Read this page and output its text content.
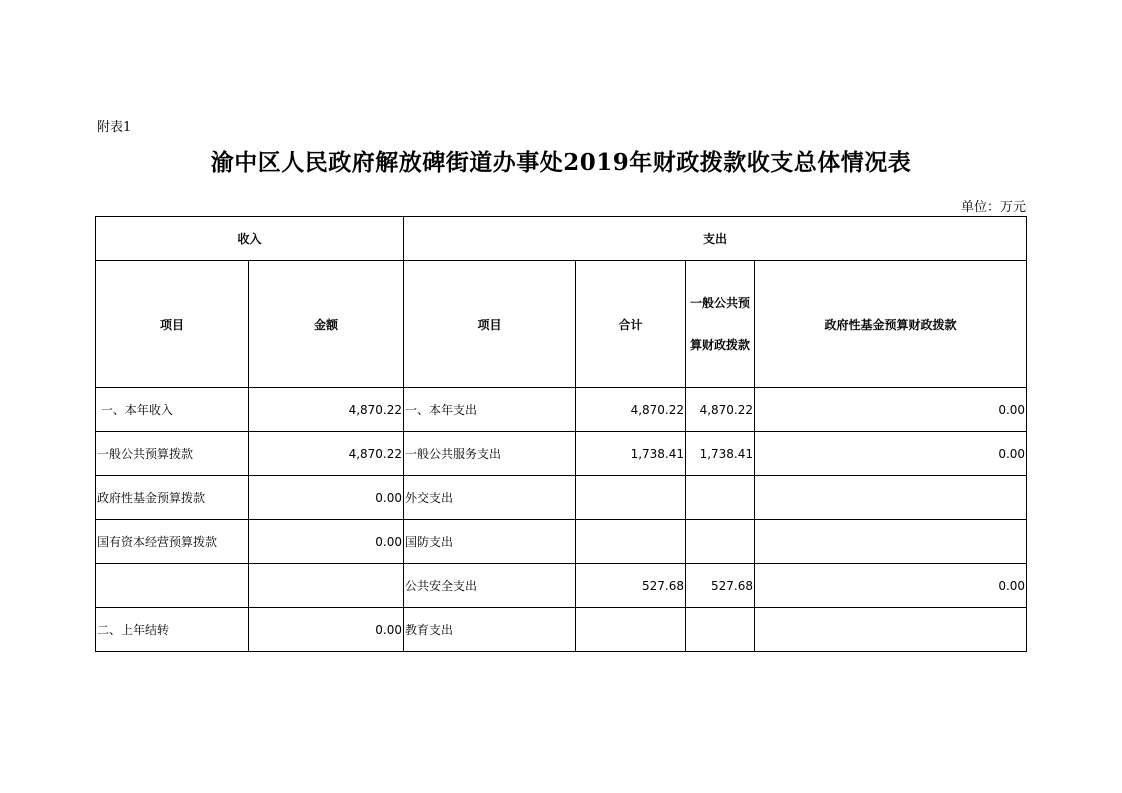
附表1
渝中区人民政府解放碑街道办事处2019年财政拨款收支总体情况表
单位：万元
收入		支出			
项目	金额	项目	合计	一般公共预算财政拨款	政府性基金预算财政拨款
一、本年收入	4,870.22	一、本年支出	4,870.22	4,870.22	0.00
一般公共预算拨款	4,870.22	一般公共服务支出	1,738.41	1,738.41	0.00
政府性基金预算拨款	0.00	外交支出			
国有资本经营预算拨款	0.00	国防支出			
		公共安全支出	527.68	527.68	0.00
二、上年结转	0.00	教育支出			
